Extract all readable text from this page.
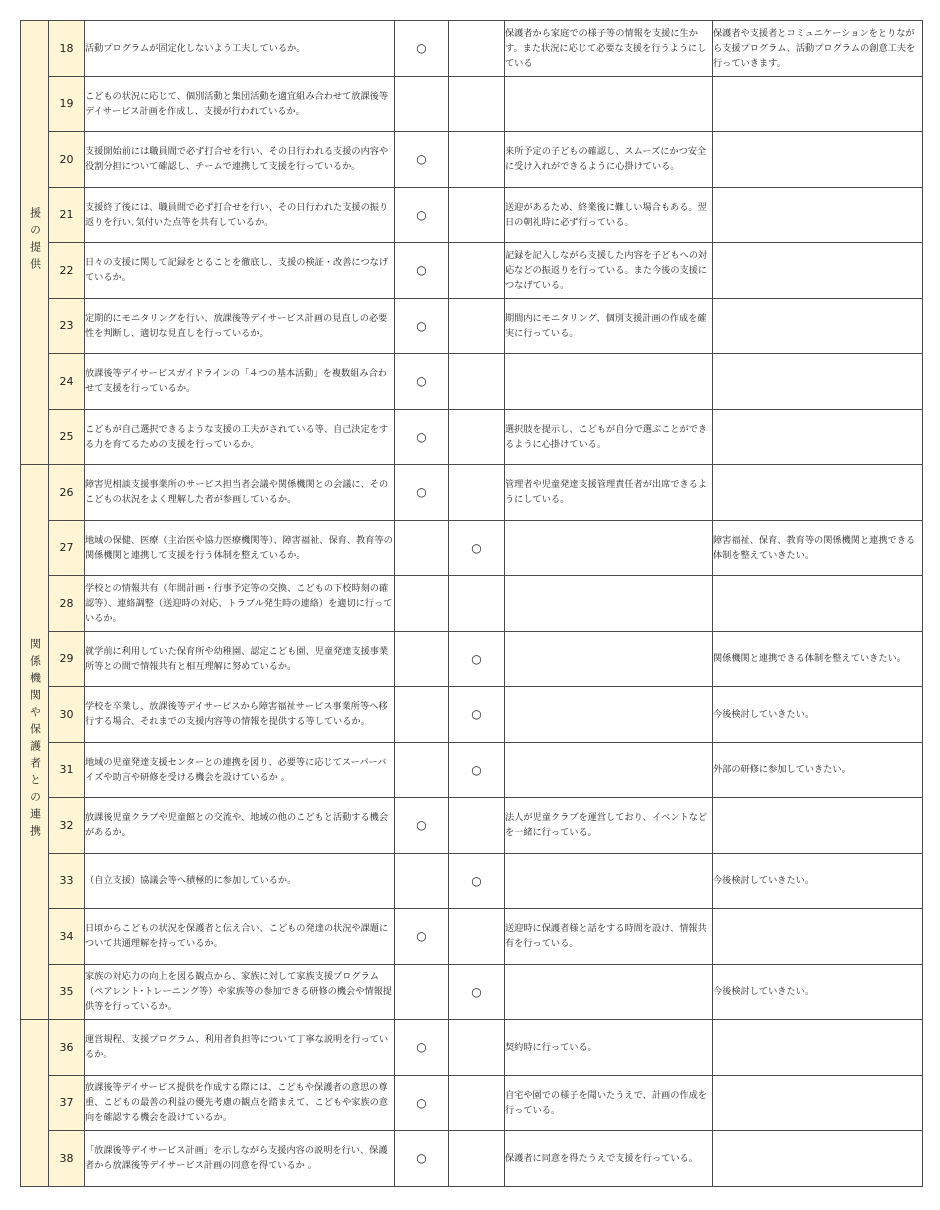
援の提供	18	活動プログラムが固定化しないよう工夫しているか。	○		保護者から家庭での様子等の情報を支援に生かす。また状況に応じて必要な支援を行うようにしている	保護者や支援者とコミュニケーションをとりながら支援プログラム、活動プログラムの創意工夫を行っていきます。
	19	こどもの状況に応じて、個別活動と集団活動を適宜組み合わせて放課後等デイサービス計画を作成し、支援が行われているか。				
	20	支援開始前には職員間で必ず打合せを行い、その日行われる支援の内容や役割分担について確認し、チームで連携して支援を行っているか。	○		来所予定の子どもの確認し、スムーズにかつ安全に受け入れができるように心掛けている。	
	21	支援終了後には、職員間で必ず打合せを行い、その日行われた支援の振り返りを行い､気付いた点等を共有しているか。	○		送迎があるため、終業後に難しい場合もある。翌日の朝礼時に必ず行っている。	
	22	日々の支援に関して記録をとることを徹底し、支援の検証・改善につなげているか。	○		記録を記入しながら支援した内容を子どもへの対応などの振返りを行っている。また今後の支援につなげている。	
	23	定期的にモニタリングを行い、放課後等デイサービス計画の見直しの必要性を判断し、適切な見直しを行っているか。	○		期間内にモニタリング、個別支援計画の作成を確実に行っている。	
	24	放課後等デイサービスガイドラインの「４つの基本活動」を複数組み合わせて支援を行っているか。	○			
	25	こどもが自己選択できるような支援の工夫がされている等、自己決定をする力を育てるための支援を行っているか。	○		選択肢を提示し、こどもが自分で選ぶことができるように心掛けている。	
関係機関や保護者との連携	26	障害児相談支援事業所のサービス担当者会議や関係機関との会議に、そのこどもの状況をよく理解した者が参画しているか。	○		管理者や児童発達支援管理責任者が出席できるようにしている。	
	27	地域の保健、医療（主治医や協力医療機関等）、障害福祉、保育、教育等の関係機関と連携して支援を行う体制を整えているか。		○		障害福祉、保育、教育等の関係機関と連携できる体制を整えていきたい。
	28	学校との情報共有（年間計画・行事予定等の交換、こどもの下校時刻の確認等）、連絡調整（送迎時の対応、トラブル発生時の連絡）を適切に行っているか。				
	29	就学前に利用していた保育所や幼稚園、認定こども園、児童発達支援事業所等との間で情報共有と相互理解に努めているか。		○		関係機関と連携できる体制を整えていきたい。
	30	学校を卒業し、放課後等デイサービスから障害福祉サービス事業所等へ移行する場合、それまでの支援内容等の情報を提供する等しているか。		○		今後検討していきたい。
	31	地域の児童発達支援センターとの連携を図り、必要等に応じてスーパーバイズや助言や研修を受ける機会を設けているか 。		○		外部の研修に参加していきたい。
	32	放課後児童クラブや児童館との交流や、地域の他のこどもと活動する機会があるか。	○		法人が児童クラブを運営しており、イベントなどを一緒に行っている。	
	33	（自立支援）協議会等へ積極的に参加しているか。		○		今後検討していきたい。
	34	日頃からこどもの状況を保護者と伝え合い、こどもの発達の状況や課題について共通理解を持っているか。	○		送迎時に保護者様と話をする時間を設け、情報共有を行っている。	
	35	家族の対応力の向上を図る観点から、家族に対して家族支援プログラム（ペアレント･トレーニング等）や家族等の参加できる研修の機会や情報提供等を行っているか。		○		今後検討していきたい。
	36	運営規程、支援プログラム、利用者負担等について丁寧な説明を行っているか。	○		契約時に行っている。	
	37	放課後等デイサービス提供を作成する際には、こどもや保護者の意思の尊重、こどもの最善の利益の優先考慮の観点を踏まえて、こどもや家族の意向を確認する機会を設けているか。	○		自宅や園での様子を聞いたうえで、計画の作成を行っている。	
	38	「放課後等デイサービス計画」を示しながら支援内容の説明を行い、保護者から放課後等デイサービス計画の同意を得ているか 。	○		保護者に同意を得たうえで支援を行っている。	
